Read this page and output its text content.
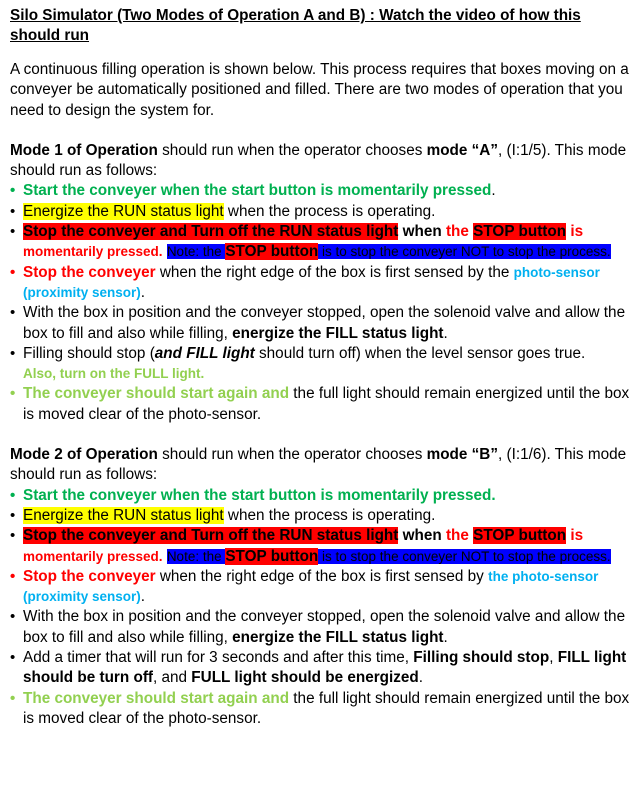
Silo Simulator (Two Modes of Operation A and B) : Watch the video of how this should run
A continuous filling operation is shown below. This process requires that boxes moving on a conveyer be automatically positioned and filled. There are two modes of operation that you need to design the system for.
Mode 1 of Operation should run when the operator chooses mode “A”, (I:1/5). This mode should run as follows:
• Start the conveyer when the start button is momentarily pressed.
• Energize the RUN status light when the process is operating.
• Stop the conveyer and Turn off the RUN status light when the STOP button is
momentarily pressed. Note: the STOP button is to stop the conveyer NOT to stop the process.
• Stop the conveyer when the right edge of the box is first sensed by the photo-sensor (proximity sensor).
• With the box in position and the conveyer stopped, open the solenoid valve and allow the box to fill and also while filling, energize the FILL status light.
• Filling should stop (and FILL light should turn off) when the level sensor goes true.
Also, turn on the FULL light.
• The conveyer should start again and the full light should remain energized until the box is moved clear of the photo-sensor.
Mode 2 of Operation should run when the operator chooses mode “B”, (I:1/6). This mode should run as follows:
• Start the conveyer when the start button is momentarily pressed.
• Energize the RUN status light when the process is operating.
• Stop the conveyer and Turn off the RUN status light when the STOP button is
momentarily pressed. Note: the STOP button is to stop the conveyer NOT to stop the process.
• Stop the conveyer when the right edge of the box is first sensed by the photo-sensor (proximity sensor).
• With the box in position and the conveyer stopped, open the solenoid valve and allow the box to fill and also while filling, energize the FILL status light.
• Add a timer that will run for 3 seconds and after this time, Filling should stop, FILL light should be turn off, and FULL light should be energized.
• The conveyer should start again and the full light should remain energized until the box is moved clear of the photo-sensor.
